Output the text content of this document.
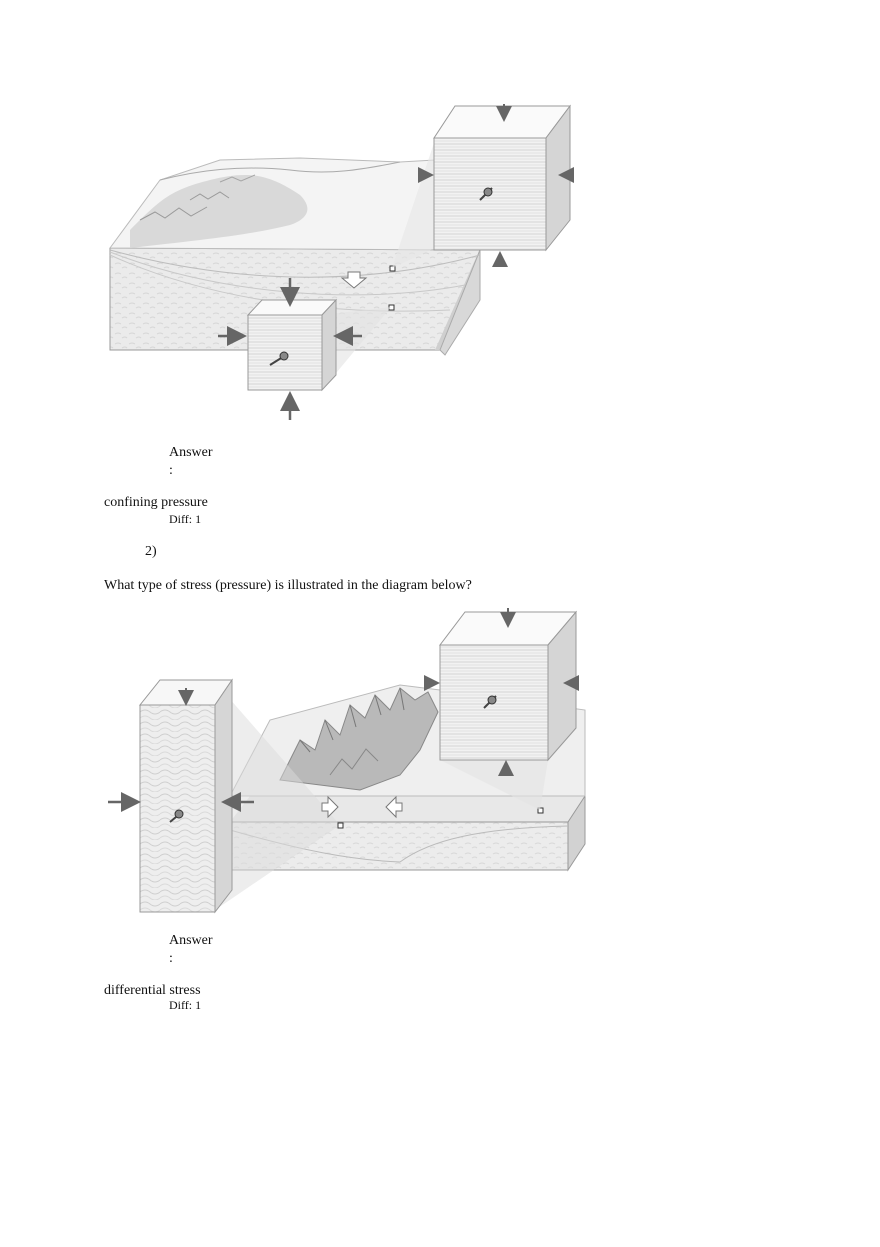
Answer
:
confining pressure
Diff: 1
2)
What type of stress (pressure) is illustrated in the diagram below?
Answer
:
differential stress
Diff: 1
